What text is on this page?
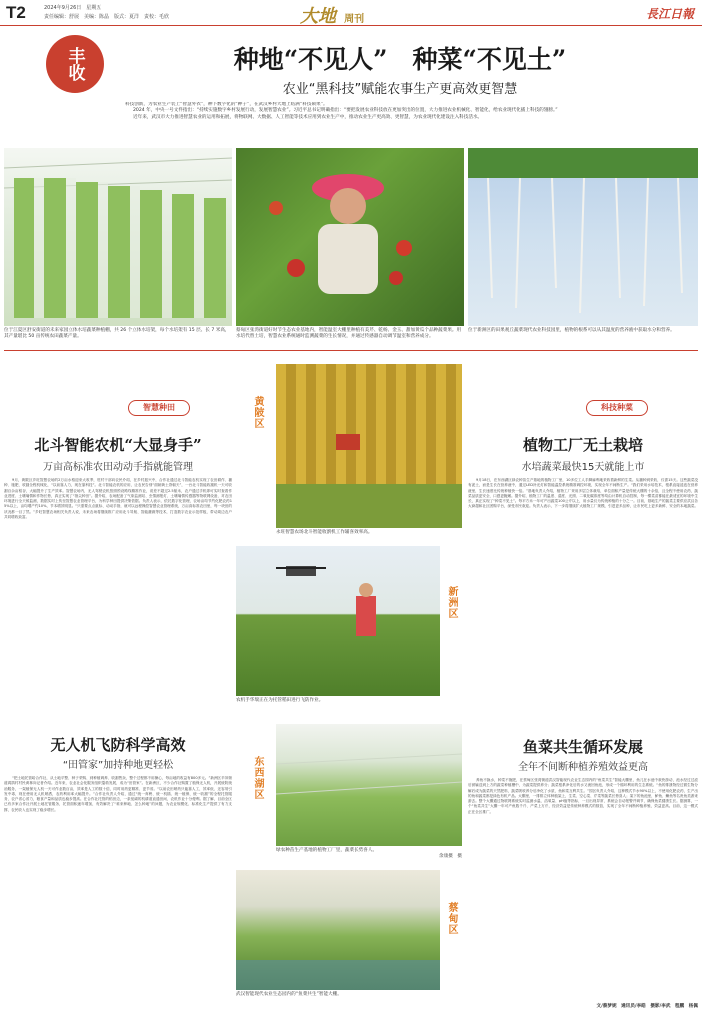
T2	2024年9月26日　星期五
责任编辑：舒展　美编：陈晶　版式：夏洋　责校：毛欣	大地 周刊	長江日報
丰收	种地“不见人”　种菜“不见土”
农业“黑科技”赋能农事生产更高效更智慧

科技创新，为农业生产装上“智慧外衣”，种下数字化的“种子”，在武汉乡村大地上结满“科技硕果”。

2024 年，中央一号文件指出：“持续实施数字乡村发展行动，发展智慧农业”。习近平总书记明确指出：“要把发展农业科技放在更加突出的位置，大力推进农业机械化、智能化，给农业现代化插上科技的翅膀。”

近年来，武汉市大力推进智慧农业的运用和拓展，将物联网、大数据、人工智能等技术应用到农业生产中，推动农业生产更高效、更智慧，为农业现代化建设注入科技活水。

位于江夏区舒安街道的未来家园立体水培蔬菜种植棚，共 26 个立体水培架，每个水培架有 15 层、长 7 米高，其产量堪比 50 亩传统农田蔬菜产量。
蔡甸区张湾街道好时节生态农业基地内，智能温室大棚里种植有美芹、乾杨、金玉、甜加黄瓜个品种蔬菜果。用水培代替土培，智慧农业系统通时监测蔬菜的生长情况，并通过传感器自动调节温室和营养成分。
位于新洲区的田果观丘蔬菜现代农业科技园里，植物的根系可以从其温度的营养液中获取水分和营养。
智慧种田
北斗智能农机“大显身手”
万亩高标准农田动动手指就能管理
9月，黄陂区乡旺智慧农场的2万亩水稻迎来大收季，驻村干部向农民介绍，在乡村振兴中，合作社通过北斗智能农机实现了农田耕作、播种、施肥、收割全程机械化，“以前靠人力，现在靠科技”。北斗智能农机的应用，让农民告别“面朝黄土背朝天”，一台北斗智能收割机一天可收割百余亩稻谷，大幅提升了生产效率。智慧农场内，无人驾驶农机按照预设路线精准作业，误差不超过2.5厘米，农户通过手机即可实时查看作业进度、土壤墒情和作物长势，真正实现了“指尖种田”。据介绍，农场配备了气象监测站、虫情测报灯、土壤墒情传感器等物联网设备，对农田环境进行全天候监测，数据实时上传至智慧农业管理平台，为科学种田提供决策依据。负责人表示，依托数字化管理，农场亩均节约化肥农药15%以上，亩均增产约10%，节本增效明显。“只需要点点鼠标、动动手指，就可以远程操控智慧农业管理系统，万亩高标准农田里，每一块田的状况都一目了然。”乡旺智慧农场相关负责人说，未来农场将继续推广应用北斗导航、智能灌溉等技术，打造数字农业示范样板，带动周边农户共同增收致富。
无人机飞防科学高效
“田管家”加持种地更轻松
“把土地托管给合作社，从土地平整、种子采购、到种植调养、收割售卖，整个过程都不用操心，每亩地的收益有800多元。”新洲区辛冲街道鸿鹄村村民黄林向记者介绍。近年来，农业社会化服务组织蓬勃发展，成为“田管家”。在新洲区，不少合作社购置了植保无人机，开展统防统治服务，一架植保无人机一天可作业数百亩，效率是人工的数十倍，同时用药更精准、更节省。“以前农田喷药只能靠人工，效率低、还容易引发中毒，现在使用无人机喷洒，农药利用率大幅提升。”合作社负责人介绍，通过“统一育秧、统一机插、统一植保、统一收割”的全程托管服务，农户省心省力，粮食产量和品质也稳步提高。在合作社托管的稻田边，一条宽阔的机耕道直通田间，农机作业十分便利。据了解，目前全区已有多家合作社开展土地托管服务，托管面积逐年增加，有效解决了“谁来种地、怎么种地”的问题，为农业规模化、标准化生产提供了有力支撑，农民收入也实现了稳步增长。
黄陂区
永旺智慧农场北斗智能收割机工作辅喜效率高。
新洲区
农机手华瑞正在为托管稻田进行飞防作业。
东西湖区
绿农种苗生产基地的植物工厂里，蔬菜长势喜人。
余康摄　摄
蔡甸区
武汉智能现代农业生态园内的“鱼菜共生”智能大棚。
科技种菜
植物工厂无土栽培
水培蔬菜最快15天就能上市
9月18日，在东西湖区绿农种苗生产基地的植物工厂里，10多位工人手脚麻利地采收着新鲜的生菜。从播种到采收，仅需15天。这些蔬菜没有泥土，而是生长在营养液中，通过LED补光灯和智能温控系统精准调控环境，实现全年不间断生产。“我们采用水培技术，根系直接浸泡在营养液里，生长速度比传统种植快一倍。”基地负责人介绍，植物工厂采用多层立体栽培，单位面积产量是传统大棚的十余倍，且全程不使用农药，蔬菜品质更安全、口感更脆嫩。据介绍，植物工厂的温度、湿度、光照、二氧化碳浓度等均由计算机自动控制，每一棵菜苗都能在最适宜的环境中生长，真正实现了“种菜不见土”。每平方米一年可产出蔬菜100公斤以上，用水量仅为传统种植的十分之一。目前，基地生产的蔬菜主要供应武汉各大商超和社区团购平台，深受市民欢迎。负责人表示，下一步将继续扩大植物工厂规模，引进更多品种，让市民吃上更多新鲜、安全的本地蔬菜。
鱼菜共生循环发展
全年不间断种植养殖效益更高
养鱼不换水，种菜不施肥，在蔡甸区张湾街道武汉智能现代农业生态园内的“鱼菜共生”智能大棚里，鱼儿在水池中欢快游动，池水经过过滤后被输送到上方的蔬菜种植槽中，为蔬菜提供养分；蔬菜根系净化后的水又流回鱼池，形成一个循环利用的生态系统。“鱼的排泄物经过微生物分解后成为蔬菜的天然肥料，蔬菜吸收养分后净化了水质，鱼和菜互利共生。”园区负责人介绍，这种模式节水90%以上，不使用化肥农药，生产出的鱼和蔬菜都是绿色有机产品。大棚里，一排排立体种植架上，生菜、空心菜、芹菜等蔬菜长势喜人；架下的鱼池里，鲈鱼、鳜鱼等名贵鱼类游来游去。整个大棚通过物联网系统实时监测水温、溶氧量、pH值等指标，一旦出现异常，系统会自动报警并调节，确保鱼菜健康生长。据测算，一个“鱼菜共生”大棚一年可产鱼数千斤、产菜上万斤，经济效益是传统种养模式的数倍，实现了全年不间断种植养殖，效益更高。目前，这一模式正在全区推广。
文/蔡梦妮　通讯员/李皓　摄影/李武　程鹏　杨佩
